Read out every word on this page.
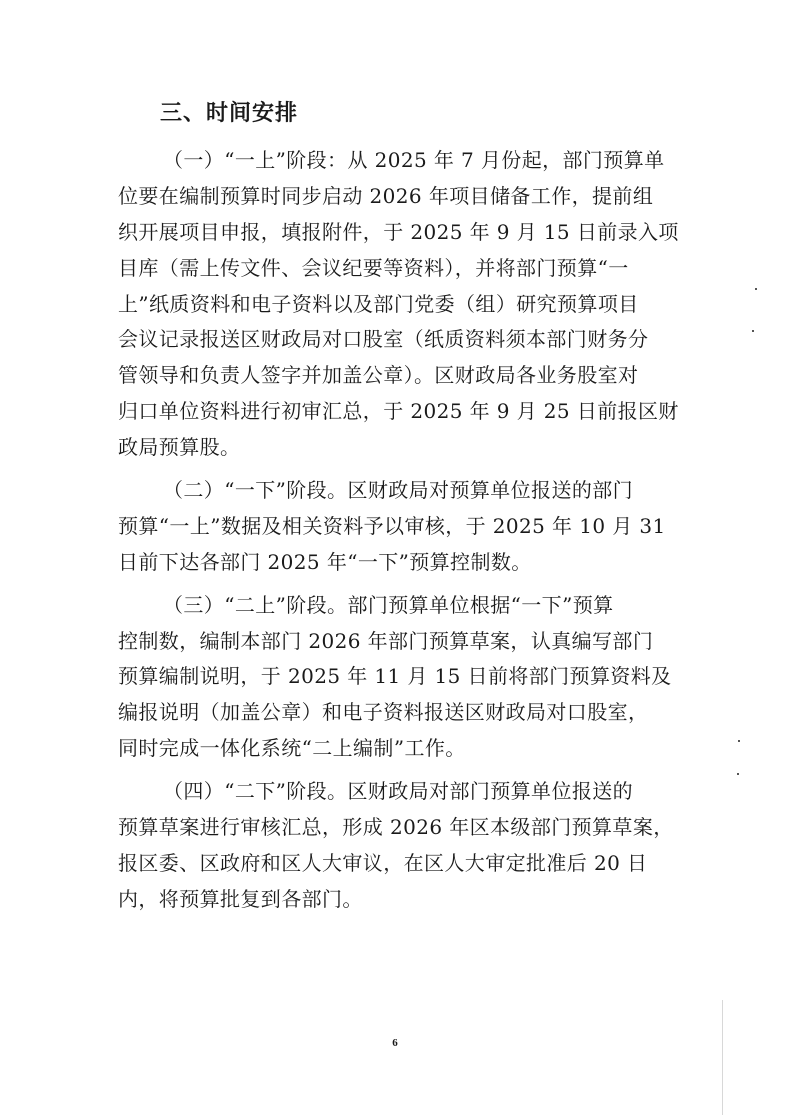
三、时间安排
（一）“一上”阶段：从 2025 年 7 月份起，部门预算单
位要在编制预算时同步启动 2026 年项目储备工作，提前组
织开展项目申报，填报附件，于 2025 年 9 月 15 日前录入项
目库（需上传文件、会议纪要等资料），并将部门预算“一
上”纸质资料和电子资料以及部门党委（组）研究预算项目
会议记录报送区财政局对口股室（纸质资料须本部门财务分
管领导和负责人签字并加盖公章）。区财政局各业务股室对
归口单位资料进行初审汇总，于 2025 年 9 月 25 日前报区财
政局预算股。
（二）“一下”阶段。区财政局对预算单位报送的部门
预算“一上”数据及相关资料予以审核，于 2025 年 10 月 31
日前下达各部门 2025 年“一下”预算控制数。
（三）“二上”阶段。部门预算单位根据“一下”预算
控制数，编制本部门 2026 年部门预算草案，认真编写部门
预算编制说明，于 2025 年 11 月 15 日前将部门预算资料及
编报说明（加盖公章）和电子资料报送区财政局对口股室，
同时完成一体化系统“二上编制”工作。
（四）“二下”阶段。区财政局对部门预算单位报送的
预算草案进行审核汇总，形成 2026 年区本级部门预算草案，
报区委、区政府和区人大审议，在区人大审定批准后 20 日
内，将预算批复到各部门。
6
